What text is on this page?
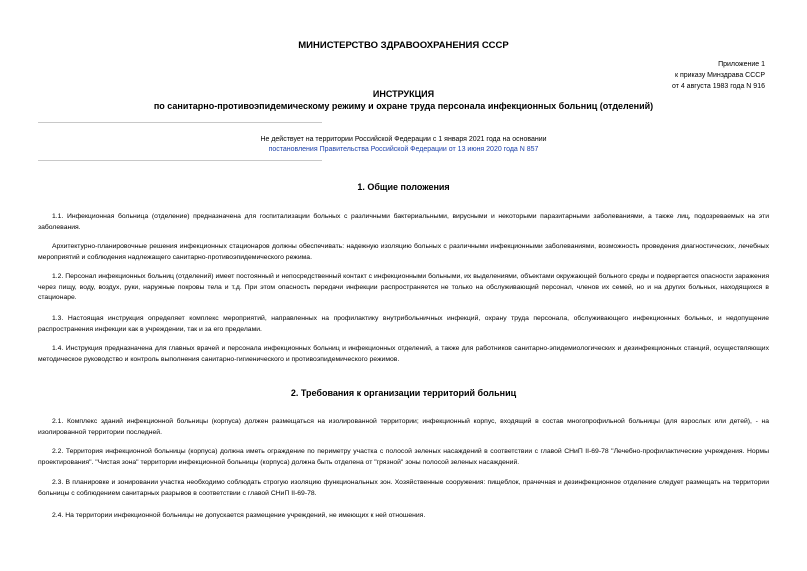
МИНИСТЕРСТВО ЗДРАВООХРАНЕНИЯ СССР
Приложение 1
к приказу Минздрава СССР
от 4 августа 1983 года N 916
ИНСТРУКЦИЯ
по санитарно-противоэпидемическому режиму и охране труда персонала инфекционных больниц (отделений)
Не действует на территории Российской Федерации с 1 января 2021 года на основании
постановления Правительства Российской Федерации от 13 июня 2020 года N 857
1. Общие положения
1.1. Инфекционная больница (отделение) предназначена для госпитализации больных с различными бактериальными, вирусными и некоторыми паразитарными заболеваниями, а также лиц, подозреваемых на эти заболевания.
Архитектурно-планировочные решения инфекционных стационаров должны обеспечивать: надежную изоляцию больных с различными инфекционными заболеваниями, возможность проведения диагностических, лечебных мероприятий и соблюдения надлежащего санитарно-противоэпидемического режима.
1.2. Персонал инфекционных больниц (отделений) имеет постоянный и непосредственный контакт с инфекционными больными, их выделениями, объектами окружающей больного среды и подвергается опасности заражения через пищу, воду, воздух, руки, наружные покровы тела и т.д. При этом опасность передачи инфекции распространяется не только на обслуживающий персонал, членов их семей, но и на других больных, находящихся в стационаре.
1.3. Настоящая инструкция определяет комплекс мероприятий, направленных на профилактику внутрибольничных инфекций, охрану труда персонала, обслуживающего инфекционных больных, и недопущение распространения инфекции как в учреждении, так и за его пределами.
1.4. Инструкция предназначена для главных врачей и персонала инфекционных больниц и инфекционных отделений, а также для работников санитарно-эпидемиологических и дезинфекционных станций, осуществляющих методическое руководство и контроль выполнения санитарно-гигиенического и противоэпидемического режимов.
2. Требования к организации территорий больниц
2.1. Комплекс зданий инфекционной больницы (корпуса) должен размещаться на изолированной территории; инфекционный корпус, входящий в состав многопрофильной больницы (для взрослых или детей), - на изолированной территории последней.
2.2. Территория инфекционной больницы (корпуса) должна иметь ограждение по периметру участка с полосой зеленых насаждений в соответствии с главой СНиП II-69-78 "Лечебно-профилактические учреждения. Нормы проектирования". "Чистая зона" территории инфекционной больницы (корпуса) должна быть отделена от "грязной" зоны полосой зеленых насаждений.
2.3. В планировке и зонировании участка необходимо соблюдать строгую изоляцию функциональных зон. Хозяйственные сооружения: пищеблок, прачечная и дезинфекционное отделение следует размещать на территории больницы с соблюдением санитарных разрывов в соответствии с главой СНиП II-69-78.
2.4. На территории инфекционной больницы не допускается размещение учреждений, не имеющих к ней отношения.
